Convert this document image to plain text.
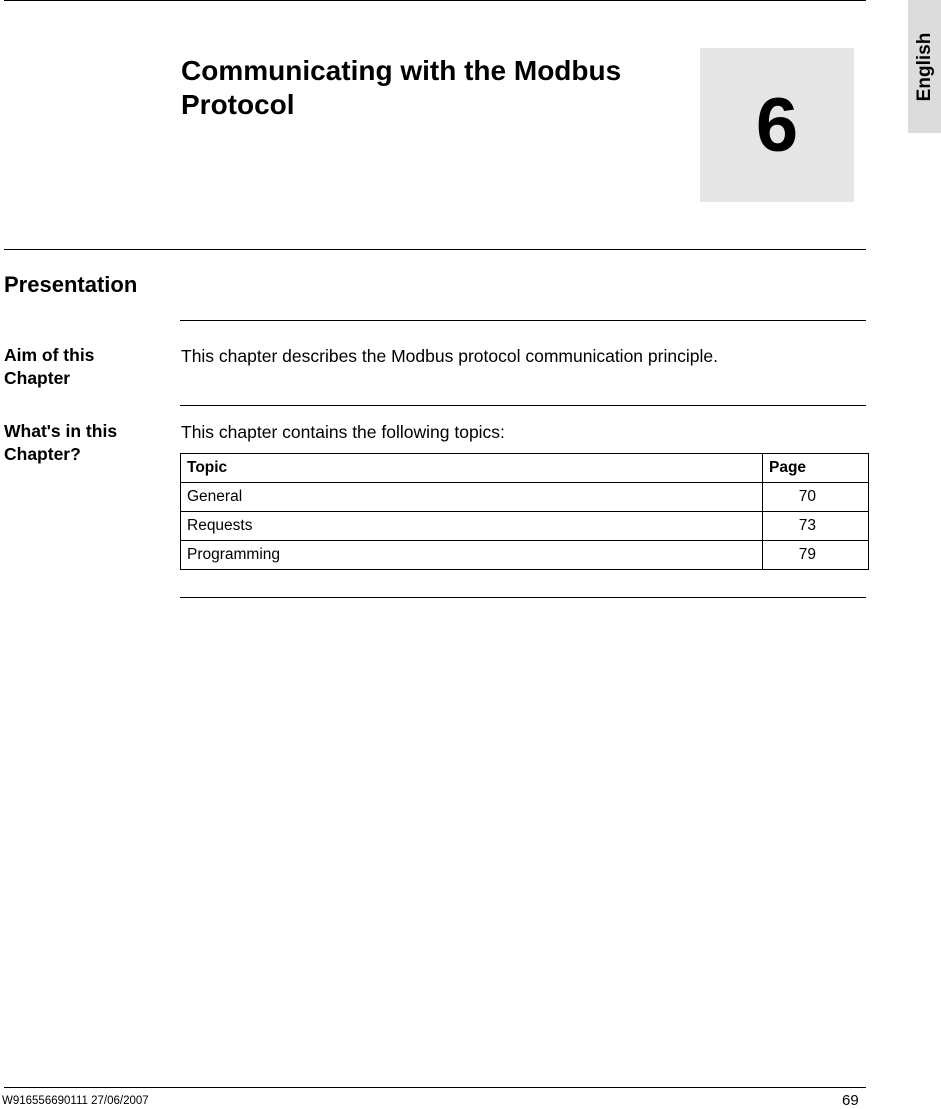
English
Communicating with the Modbus Protocol	6
Presentation
Aim of this Chapter
This chapter describes the Modbus protocol communication principle.
What's in this Chapter?
This chapter contains the following topics:
Topic	Page
General	70
Requests	73
Programming	79
W916556690111 27/06/2007	69
